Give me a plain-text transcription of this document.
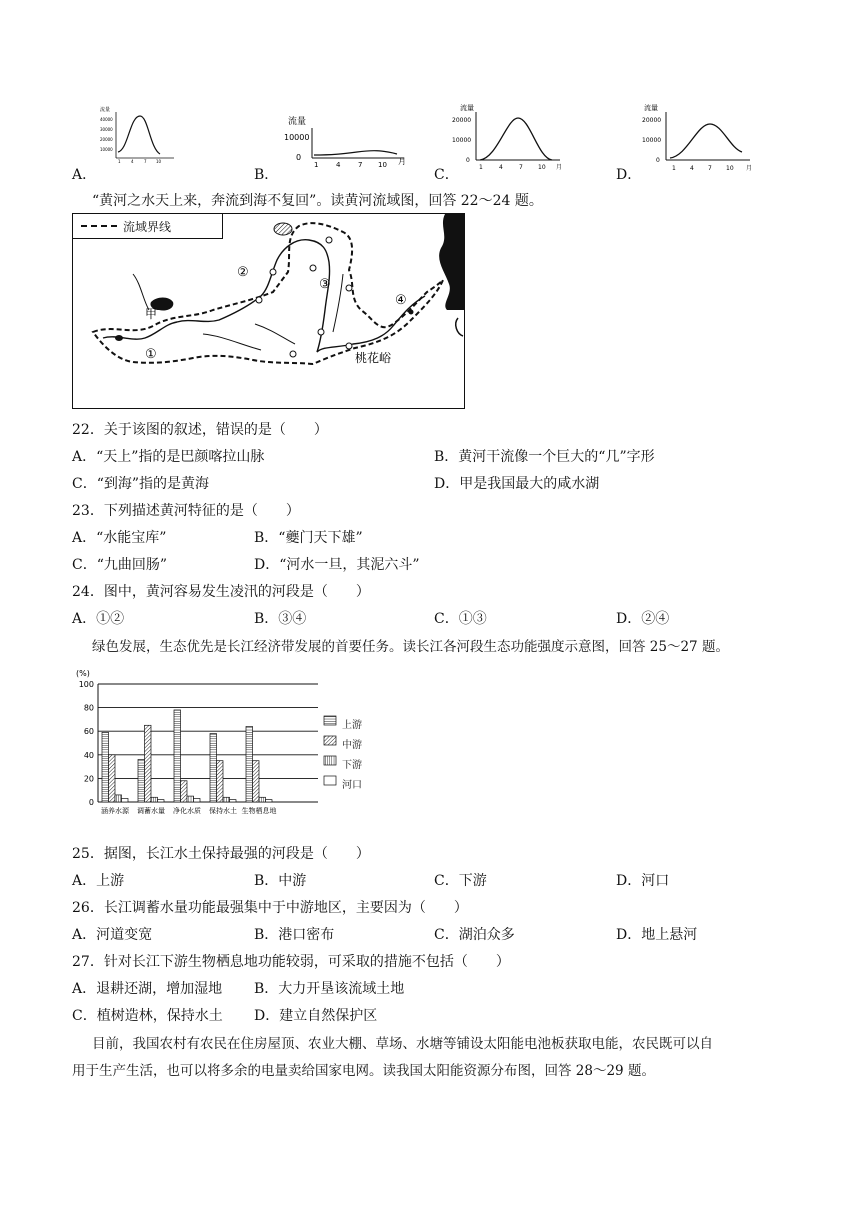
A．
流量
40000
30000
20000
10000
1	4	7 10
B．
流量
10000
0
1	4	7 10 月
C．
流量
20000
10000
0
1	4	7	10 月	D．
流量
20000
10000
0
1 4 7 10 月
“黄河之水天上来，奔流到海不复回”。读黄河流域图，回答 22～24 题。
流域界线
甲
桃花峪
①
②
③
④
22．关于该图的叙述，错误的是（　　）
A．“天上”指的是巴颜喀拉山脉	B．黄河干流像一个巨大的“几”字形
C．“到海”指的是黄海	D．甲是我国最大的咸水湖
23．下列描述黄河特征的是（　　）
A．“水能宝库”	B．“夔门天下雄”
C．“九曲回肠”	D．“河水一旦，其泥六斗”
24．图中，黄河容易发生凌汛的河段是（　　）
A．①②	B．③④	C．①③	D．②④
绿色发展，生态优先是长江经济带发展的首要任务。读长江各河段生态功能强度示意图，回答 25～27 题。
(%)
0
20
40
60
80
100
涵养水源 调蓄水量 净化水质 保持水土 生物栖息地
25．据图，长江水土保持最强的河段是（　　）
A．上游	B．中游	C．下游	D．河口
26．长江调蓄水量功能最强集中于中游地区，主要因为（　　）
A．河道变宽	B．港口密布	C．湖泊众多	D．地上悬河
27．针对长江下游生物栖息地功能较弱，可采取的措施不包括（　　）
A．退耕还湖，增加湿地 B．大力开垦该流域土地
C．植树造林，保持水土 D．建立自然保护区
目前，我国农村有农民在住房屋顶、农业大棚、草场、水塘等铺设太阳能电池板获取电能，农民既可以自
用于生产生活，也可以将多余的电量卖给国家电网。读我国太阳能资源分布图，回答 28～29 题。
上游
中游
下游
河口
